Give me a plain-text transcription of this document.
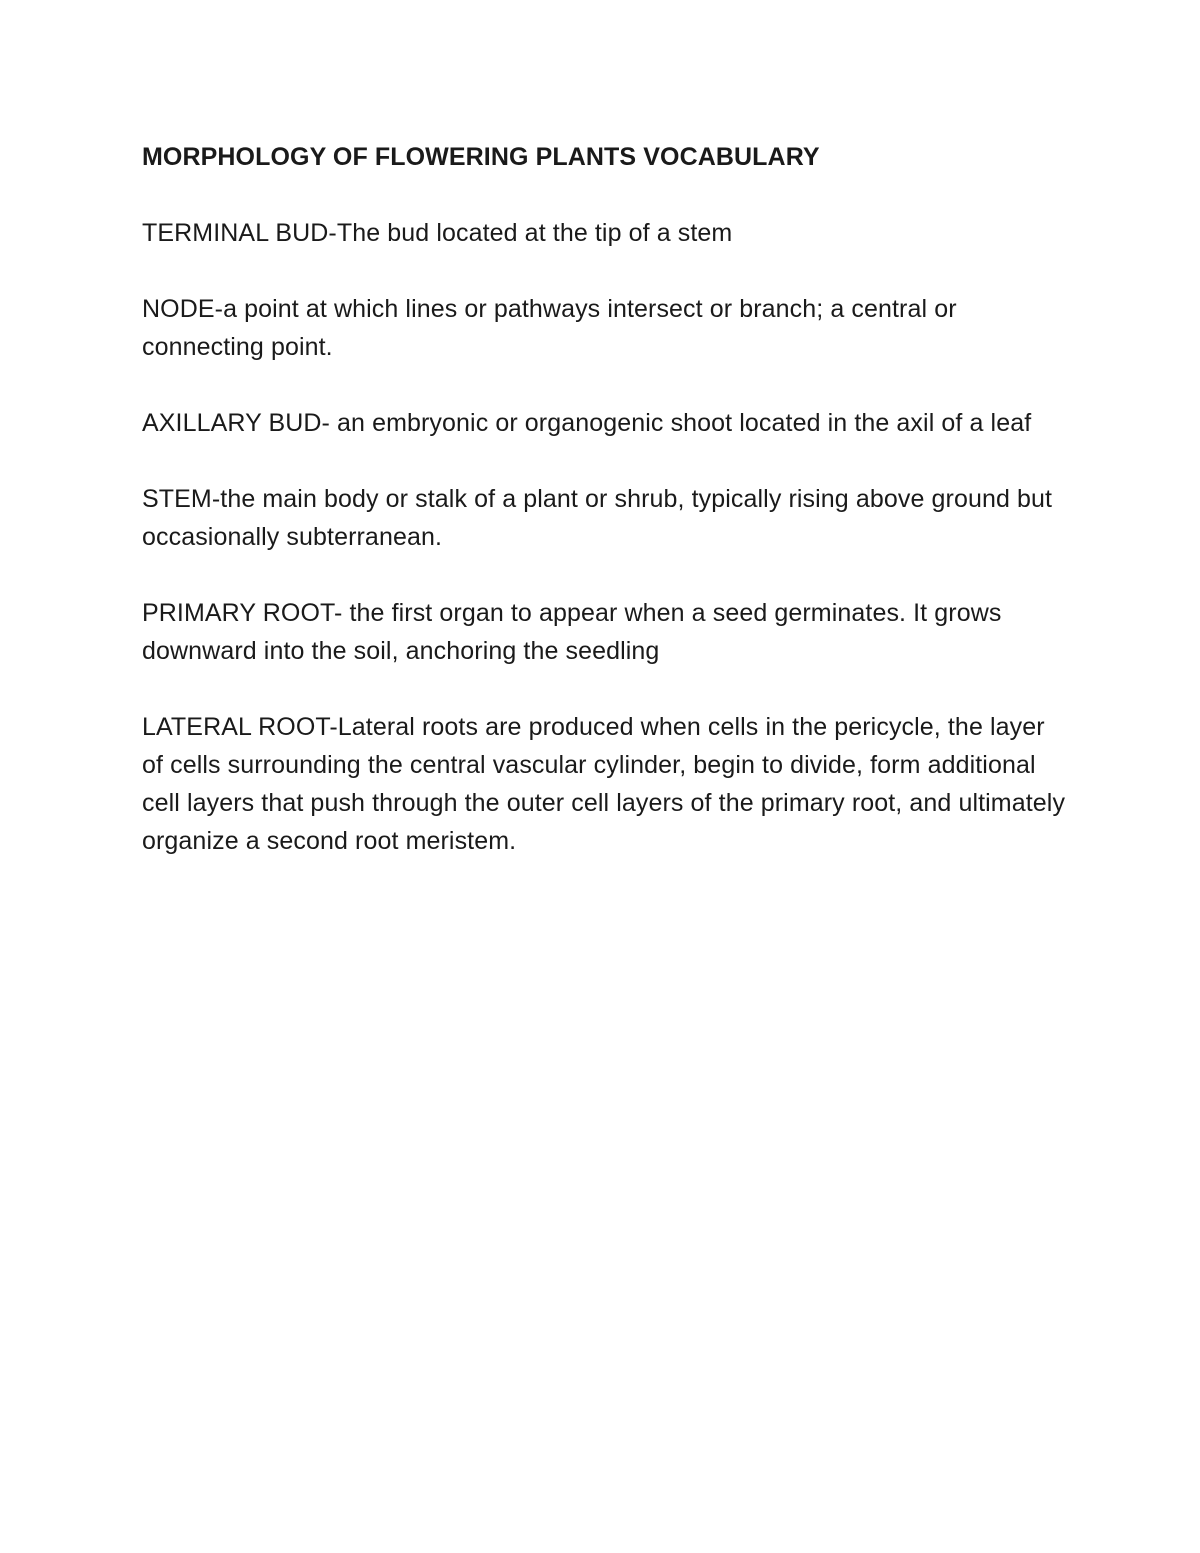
MORPHOLOGY OF FLOWERING PLANTS VOCABULARY

TERMINAL BUD-The bud located at the tip of a stem

NODE-a point at which lines or pathways intersect or branch; a central or connecting point.

AXILLARY BUD- an embryonic or organogenic shoot located in the axil of a leaf

STEM-the main body or stalk of a plant or shrub, typically rising above ground but occasionally subterranean.

PRIMARY ROOT- the first organ to appear when a seed germinates. It grows downward into the soil, anchoring the seedling

LATERAL ROOT-Lateral roots are produced when cells in the pericycle, the layer of cells surrounding the central vascular cylinder, begin to divide, form additional cell layers that push through the outer cell layers of the primary root, and ultimately organize a second root meristem.
